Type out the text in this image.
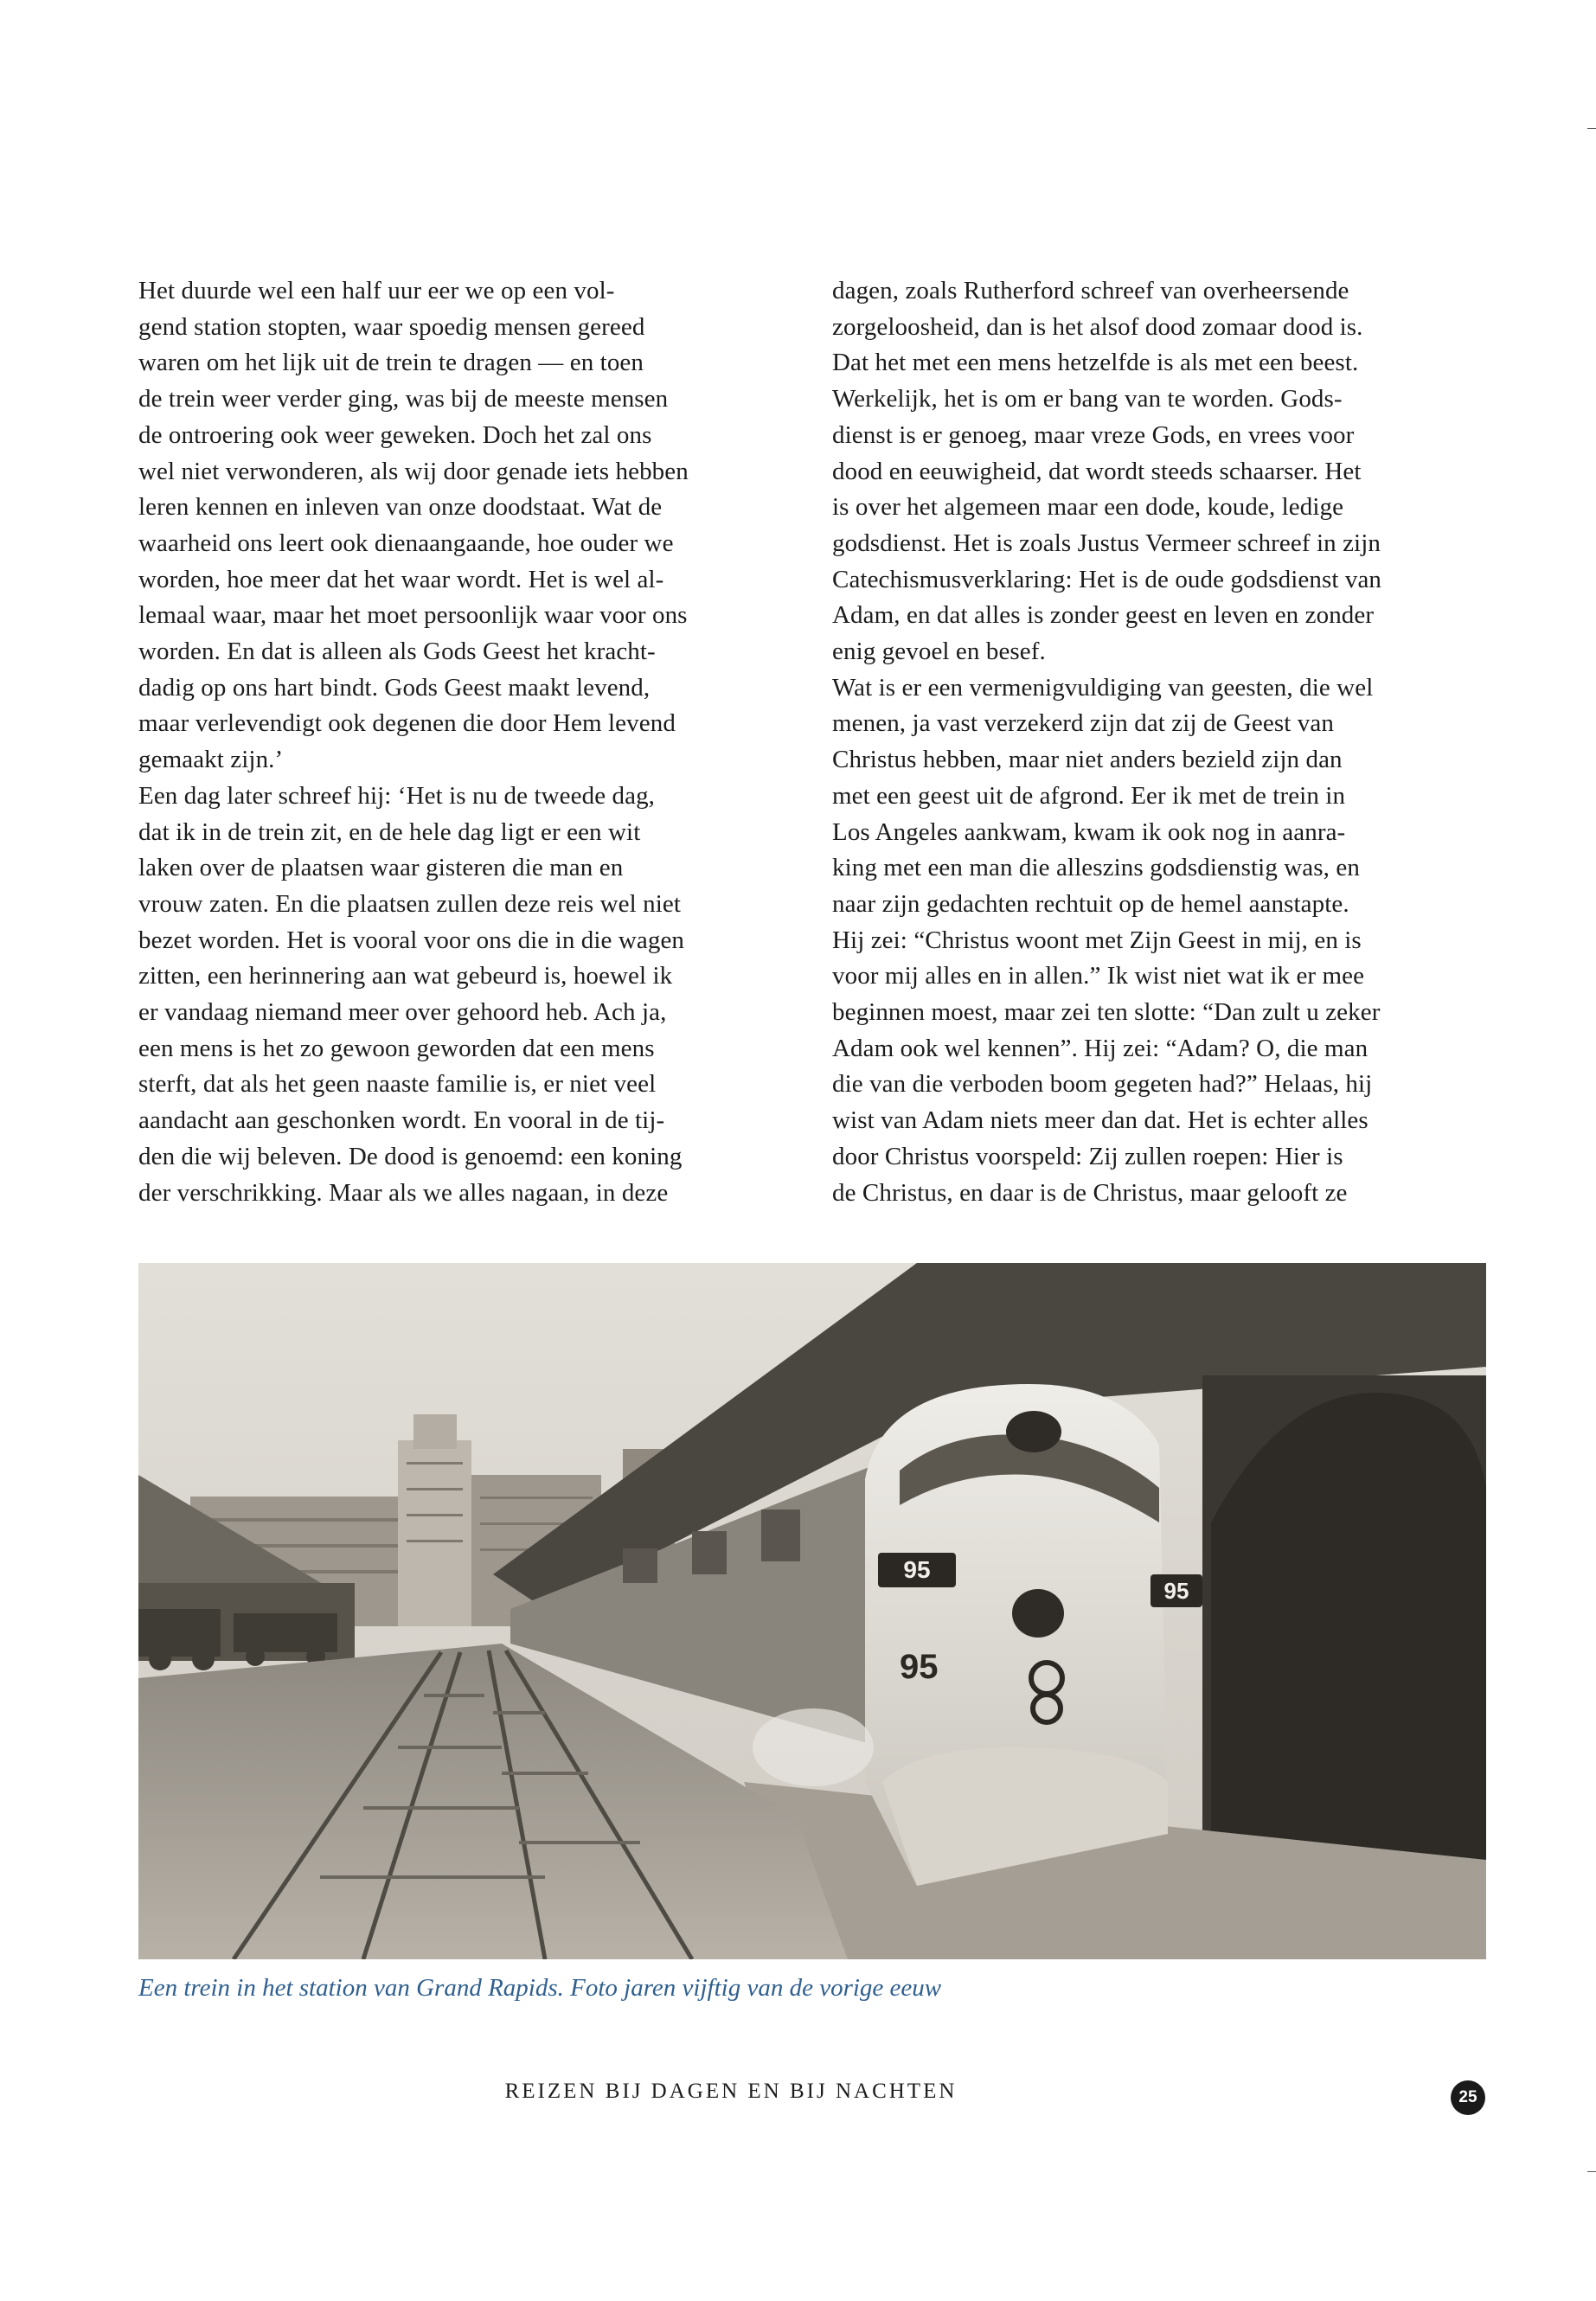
Het duurde wel een half uur eer we op een vol-
gend station stopten, waar spoedig mensen gereed
waren om het lijk uit de trein te dragen — en toen
de trein weer verder ging, was bij de meeste mensen
de ontroering ook weer geweken. Doch het zal ons
wel niet verwonderen, als wij door genade iets hebben
leren kennen en inleven van onze doodstaat. Wat de
waarheid ons leert ook dienaangaande, hoe ouder we
worden, hoe meer dat het waar wordt. Het is wel al-
lemaal waar, maar het moet persoonlijk waar voor ons
worden. En dat is alleen als Gods Geest het kracht-
dadig op ons hart bindt. Gods Geest maakt levend,
maar verlevendigt ook degenen die door Hem levend
gemaakt zijn.’
Een dag later schreef hij: ‘Het is nu de tweede dag,
dat ik in de trein zit, en de hele dag ligt er een wit
laken over de plaatsen waar gisteren die man en
vrouw zaten. En die plaatsen zullen deze reis wel niet
bezet worden. Het is vooral voor ons die in die wagen
zitten, een herinnering aan wat gebeurd is, hoewel ik
er vandaag niemand meer over gehoord heb. Ach ja,
een mens is het zo gewoon geworden dat een mens
sterft, dat als het geen naaste familie is, er niet veel
aandacht aan geschonken wordt. En vooral in de tij-
den die wij beleven. De dood is genoemd: een koning
der verschrikking. Maar als we alles nagaan, in deze
dagen, zoals Rutherford schreef van overheersende
zorgeloosheid, dan is het alsof dood zomaar dood is.
Dat het met een mens hetzelfde is als met een beest.
Werkelijk, het is om er bang van te worden. Gods-
dienst is er genoeg, maar vreze Gods, en vrees voor
dood en eeuwigheid, dat wordt steeds schaarser. Het
is over het algemeen maar een dode, koude, ledige
godsdienst. Het is zoals Justus Vermeer schreef in zijn
Catechismusverklaring: Het is de oude godsdienst van
Adam, en dat alles is zonder geest en leven en zonder
enig gevoel en besef.
Wat is er een vermenigvuldiging van geesten, die wel
menen, ja vast verzekerd zijn dat zij de Geest van
Christus hebben, maar niet anders bezield zijn dan
met een geest uit de afgrond. Eer ik met de trein in
Los Angeles aankwam, kwam ik ook nog in aanra-
king met een man die alleszins godsdienstig was, en
naar zijn gedachten rechtuit op de hemel aanstapte.
Hij zei: “Christus woont met Zijn Geest in mij, en is
voor mij alles en in allen.” Ik wist niet wat ik er mee
beginnen moest, maar zei ten slotte: “Dan zult u zeker
Adam ook wel kennen”. Hij zei: “Adam? O, die man
die van die verboden boom gegeten had?” Helaas, hij
wist van Adam niets meer dan dat. Het is echter alles
door Christus voorspeld: Zij zullen roepen: Hier is
de Christus, en daar is de Christus, maar gelooft ze
95
95
95
Een trein in het station van Grand Rapids. Foto jaren vijftig van de vorige eeuw
REIZEN BIJ DAGEN EN BIJ NACHTEN	25
